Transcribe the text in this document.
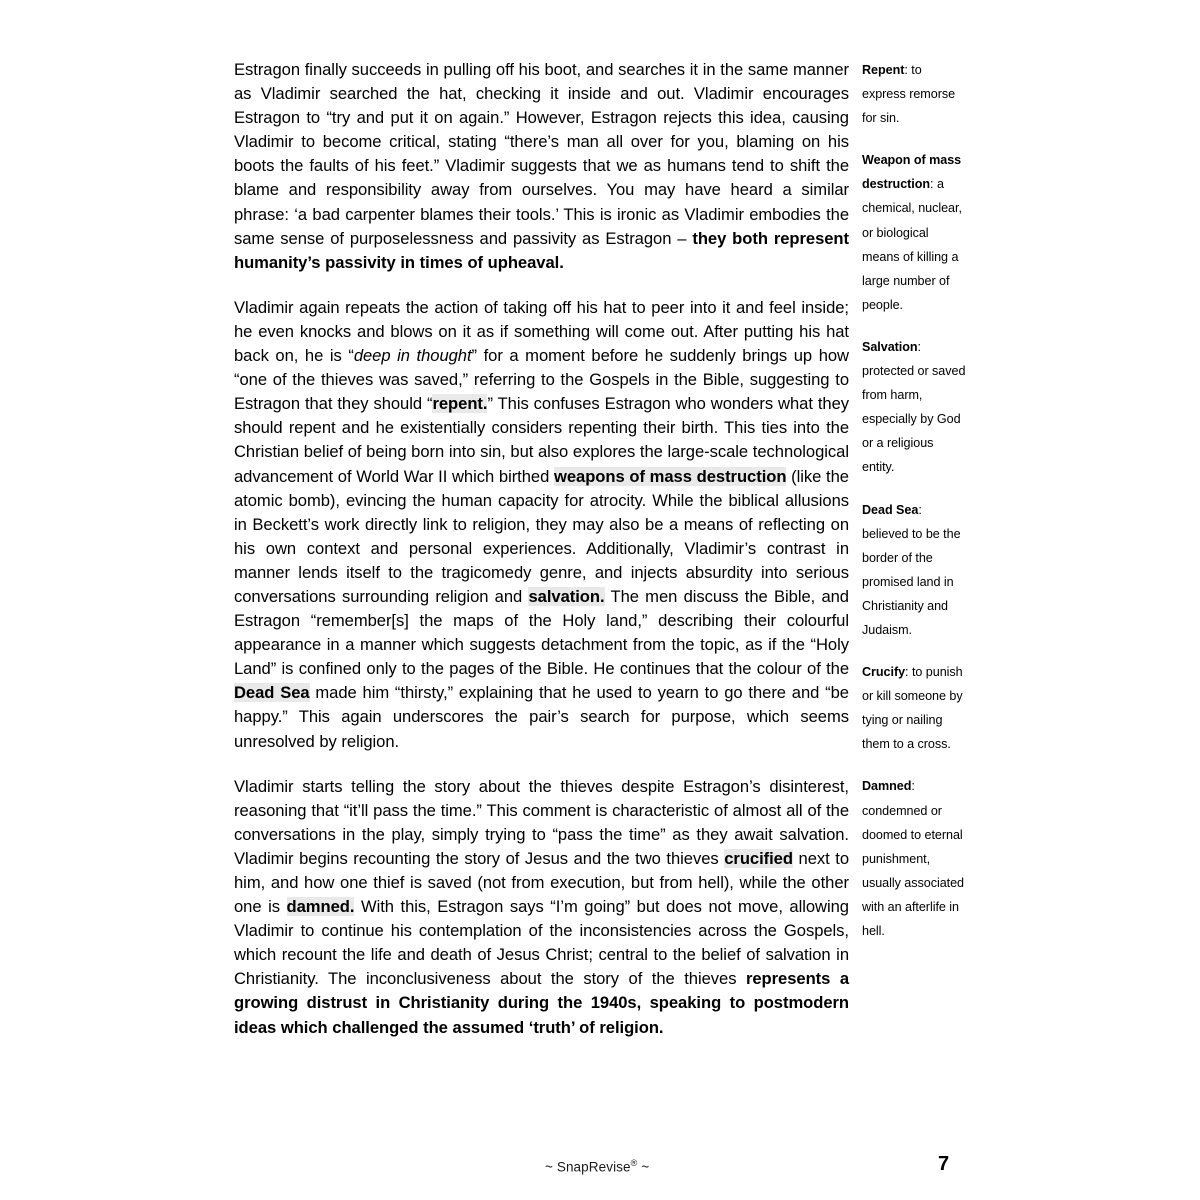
Estragon finally succeeds in pulling off his boot, and searches it in the same manner as Vladimir searched the hat, checking it inside and out. Vladimir encourages Estragon to “try and put it on again.” However, Estragon rejects this idea, causing Vladimir to become critical, stating “there’s man all over for you, blaming on his boots the faults of his feet.” Vladimir suggests that we as humans tend to shift the blame and responsibility away from ourselves. You may have heard a similar phrase: ‘a bad carpenter blames their tools.’ This is ironic as Vladimir embodies the same sense of purposelessness and passivity as Estragon – they both represent humanity’s passivity in times of upheaval.

Vladimir again repeats the action of taking off his hat to peer into it and feel inside; he even knocks and blows on it as if something will come out. After putting his hat back on, he is “deep in thought” for a moment before he suddenly brings up how “one of the thieves was saved,” referring to the Gospels in the Bible, suggesting to Estragon that they should “repent.” This confuses Estragon who wonders what they should repent and he existentially considers repenting their birth. This ties into the Christian belief of being born into sin, but also explores the large-scale technological advancement of World War II which birthed weapons of mass destruction (like the atomic bomb), evincing the human capacity for atrocity. While the biblical allusions in Beckett’s work directly link to religion, they may also be a means of reflecting on his own context and personal experiences. Additionally, Vladimir’s contrast in manner lends itself to the tragicomedy genre, and injects absurdity into serious conversations surrounding religion and salvation. The men discuss the Bible, and Estragon “remember[s] the maps of the Holy land,” describing their colourful appearance in a manner which suggests detachment from the topic, as if the “Holy Land” is confined only to the pages of the Bible. He continues that the colour of the Dead Sea made him “thirsty,” explaining that he used to yearn to go there and “be happy.” This again underscores the pair’s search for purpose, which seems unresolved by religion.

Vladimir starts telling the story about the thieves despite Estragon’s disinterest, reasoning that “it’ll pass the time.” This comment is characteristic of almost all of the conversations in the play, simply trying to “pass the time” as they await salvation. Vladimir begins recounting the story of Jesus and the two thieves crucified next to him, and how one thief is saved (not from execution, but from hell), while the other one is damned. With this, Estragon says “I’m going” but does not move, allowing Vladimir to continue his contemplation of the inconsistencies across the Gospels, which recount the life and death of Jesus Christ; central to the belief of salvation in Christianity. The inconclusiveness about the story of the thieves represents a growing distrust in Christianity during the 1940s, speaking to postmodern ideas which challenged the assumed ‘truth’ of religion.

Repent: to express remorse for sin.

Weapon of mass destruction: a chemical, nuclear, or biological means of killing a large number of people.

Salvation: protected or saved from harm, especially by God or a religious entity.

Dead Sea: believed to be the border of the promised land in Christianity and Judaism.

Crucify: to punish or kill someone by tying or nailing them to a cross.

Damned: condemned or doomed to eternal punishment, usually associated with an afterlife in hell.

~ SnapRevise® ~	7
